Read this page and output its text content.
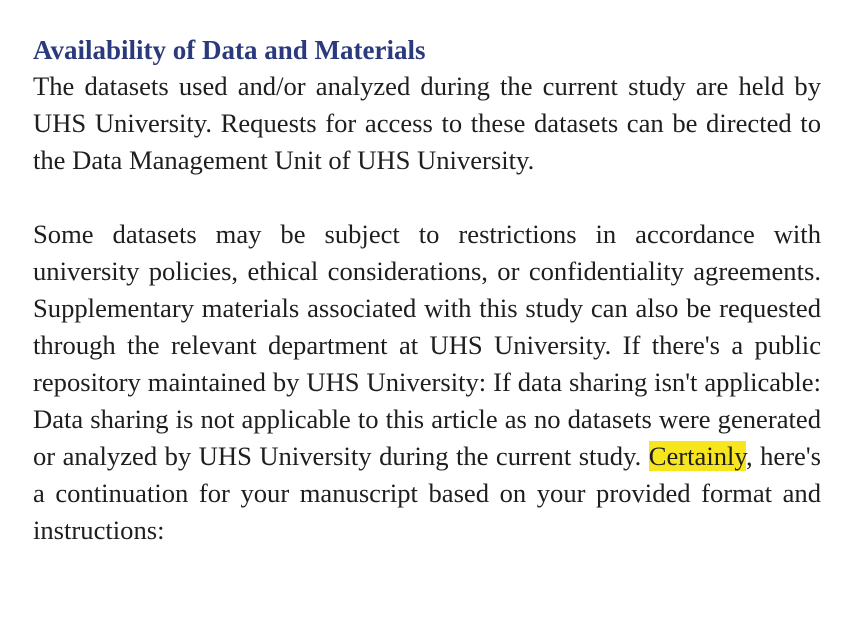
Availability of Data and Materials

The datasets used and/or analyzed during the current study are held by UHS University. Requests for access to these datasets can be directed to the Data Management Unit of UHS University.

Some datasets may be subject to restrictions in accordance with university policies, ethical considerations, or confidentiality agreements. Supplementary materials associated with this study can also be requested through the relevant department at UHS University. If there's a public repository maintained by UHS University: If data sharing isn't applicable: Data sharing is not applicable to this article as no datasets were generated or analyzed by UHS University during the current study. Certainly, here's a continuation for your manuscript based on your provided format and instructions:
